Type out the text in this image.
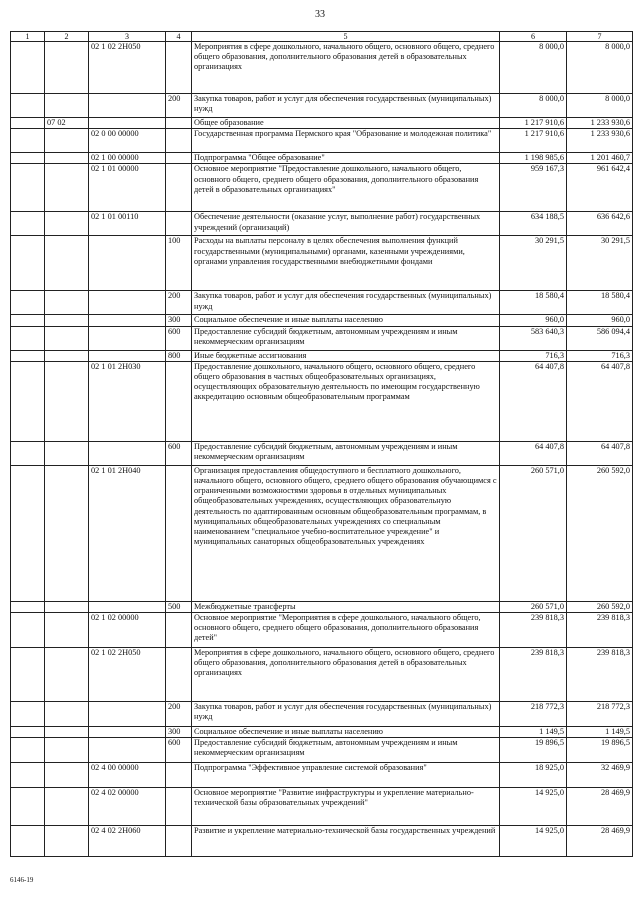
33
1	2	3	4	5	6	7
		02 1 02 2Н050		Мероприятия в сфере дошкольного, начального общего, основного общего, среднего общего образования, дополнительного образования детей в образовательных организациях	8 000,0	8 000,0
			200	Закупка товаров, работ и услуг для обеспечения государственных (муниципальных) нужд	8 000,0	8 000,0
	07 02			Общее образование	1 217 910,6	1 233 930,6
		02 0 00 00000		Государственная программа Пермского края "Образование и молодежная политика"	1 217 910,6	1 233 930,6
		02 1 00 00000		Подпрограмма "Общее образование"	1 198 985,6	1 201 460,7
		02 1 01 00000		Основное мероприятие "Предоставление дошкольного, начального общего, основного общего, среднего общего образования, дополнительного образования детей в образовательных организациях"	959 167,3	961 642,4
		02 1 01 00110		Обеспечение деятельности (оказание услуг, выполнение работ) государственных учреждений (организаций)	634 188,5	636 642,6
			100	Расходы на выплаты персоналу в целях обеспечения выполнения функций государственными (муниципальными) органами, казенными учреждениями, органами управления государственными внебюджетными фондами	30 291,5	30 291,5
			200	Закупка товаров, работ и услуг для обеспечения государственных (муниципальных) нужд	18 580,4	18 580,4
			300	Социальное обеспечение и иные выплаты населению	960,0	960,0
			600	Предоставление субсидий бюджетным, автономным учреждениям и иным некоммерческим организациям	583 640,3	586 094,4
			800	Иные бюджетные ассигнования	716,3	716,3
		02 1 01 2Н030		Предоставление дошкольного, начального общего, основного общего, среднего общего образования в частных общеобразовательных организациях, осуществляющих образовательную деятельность по имеющим государственную аккредитацию основным общеобразовательным программам	64 407,8	64 407,8
			600	Предоставление субсидий бюджетным, автономным учреждениям и иным некоммерческим организациям	64 407,8	64 407,8
		02 1 01 2Н040		Организация предоставления общедоступного и бесплатного дошкольного, начального общего, основного общего, среднего общего образования обучающимся с ограниченными возможностями здоровья в отдельных муниципальных общеобразовательных учреждениях, осуществляющих образовательную деятельность по адаптированным основным общеобразовательным программам, в муниципальных общеобразовательных учреждениях со специальным наименованием "специальное учебно-воспитательное учреждение" и муниципальных санаторных общеобразовательных учреждениях	260 571,0	260 592,0
			500	Межбюджетные трансферты	260 571,0	260 592,0
		02 1 02 00000		Основное мероприятие "Мероприятия в сфере дошкольного, начального общего, основного общего, среднего общего образования, дополнительного образования детей"	239 818,3	239 818,3
		02 1 02 2Н050		Мероприятия в сфере дошкольного, начального общего, основного общего, среднего общего образования, дополнительного образования детей в образовательных организациях	239 818,3	239 818,3
			200	Закупка товаров, работ и услуг для обеспечения государственных (муниципальных) нужд	218 772,3	218 772,3
			300	Социальное обеспечение и иные выплаты населению	1 149,5	1 149,5
			600	Предоставление субсидий бюджетным, автономным учреждениям и иным некоммерческим организациям	19 896,5	19 896,5
		02 4 00 00000		Подпрограмма "Эффективное управление системой образования"	18 925,0	32 469,9
		02 4 02 00000		Основное мероприятие "Развитие инфраструктуры и укрепление материально-технической базы образовательных учреждений"	14 925,0	28 469,9
		02 4 02 2Н060		Развитие и укрепление материально-технической базы государственных учреждений	14 925,0	28 469,9
6146-19
